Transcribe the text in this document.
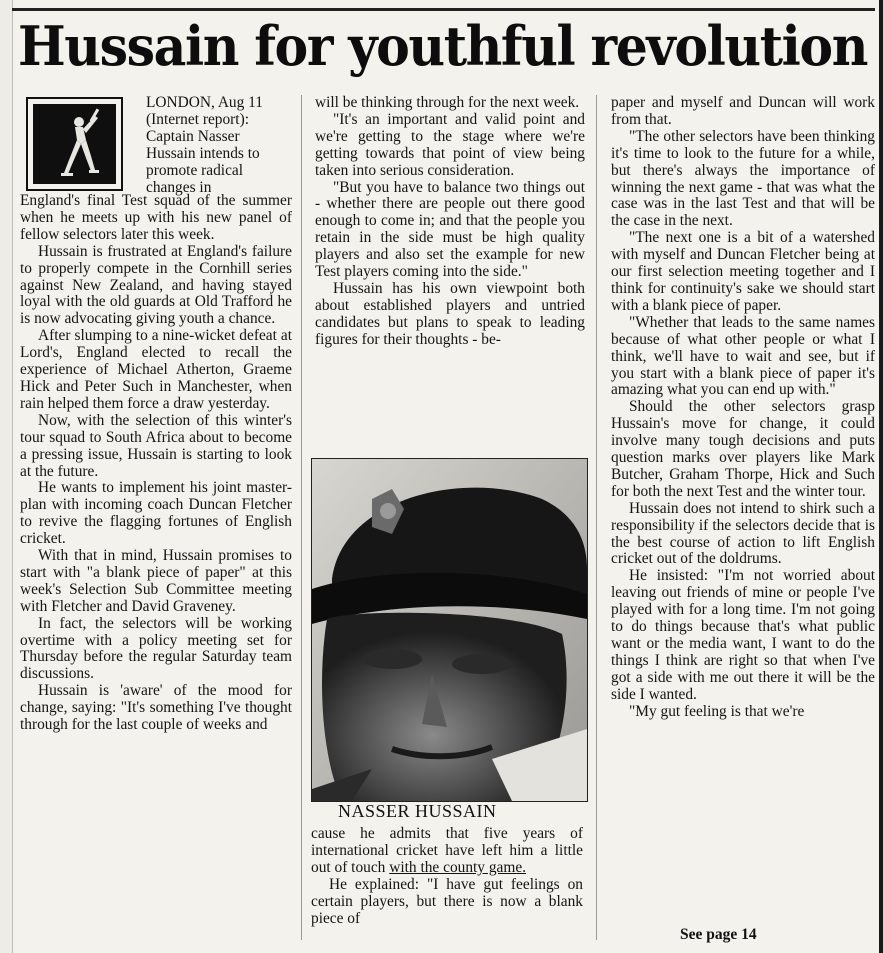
Hussain for youthful revolution

LONDON, Aug 11 (Internet report): Captain Nasser Hussain intends to promote radical changes in

England's final Test squad of the summer when he meets up with his new panel of fellow selectors later this week.

Hussain is frustrated at England's failure to properly compete in the Cornhill series against New Zealand, and having stayed loyal with the old guards at Old Trafford he is now advocating giving youth a chance.

After slumping to a nine-wicket defeat at Lord's, England elected to recall the experience of Michael Atherton, Graeme Hick and Peter Such in Manchester, when rain helped them force a draw yesterday.

Now, with the selection of this winter's tour squad to South Africa about to become a pressing issue, Hussain is starting to look at the future.

He wants to implement his joint master-plan with incoming coach Duncan Fletcher to revive the flagging fortunes of English cricket.

With that in mind, Hussain promises to start with "a blank piece of paper" at this week's Selection Sub Committee meeting with Fletcher and David Graveney.

In fact, the selectors will be working overtime with a policy meeting set for Thursday before the regular Saturday team discussions.

Hussain is 'aware' of the mood for change, saying: "It's something I've thought through for the last couple of weeks and

will be thinking through for the next week.

"It's an important and valid point and we're getting to the stage where we're getting towards that point of view being taken into serious consideration.

"But you have to balance two things out - whether there are people out there good enough to come in; and that the people you retain in the side must be high quality players and also set the example for new Test players coming into the side."

Hussain has his own viewpoint both about established players and untried candidates but plans to speak to leading figures for their thoughts - be-

NASSER HUSSAIN

cause he admits that five years of international cricket have left him a little out of touch with the county game.

He explained: "I have gut feelings on certain players, but there is now a blank piece of

paper and myself and Duncan will work from that.

"The other selectors have been thinking it's time to look to the future for a while, but there's always the importance of winning the next game - that was what the case was in the last Test and that will be the case in the next.

"The next one is a bit of a watershed with myself and Duncan Fletcher being at our first selection meeting together and I think for continuity's sake we should start with a blank piece of paper.

"Whether that leads to the same names because of what other people or what I think, we'll have to wait and see, but if you start with a blank piece of paper it's amazing what you can end up with."

Should the other selectors grasp Hussain's move for change, it could involve many tough decisions and puts question marks over players like Mark Butcher, Graham Thorpe, Hick and Such for both the next Test and the winter tour.

Hussain does not intend to shirk such a responsibility if the selectors decide that is the best course of action to lift English cricket out of the doldrums.

He insisted: "I'm not worried about leaving out friends of mine or people I've played with for a long time. I'm not going to do things because that's what public want or the media want, I want to do the things I think are right so that when I've got a side with me out there it will be the side I wanted.

"My gut feeling is that we're

See page 14
